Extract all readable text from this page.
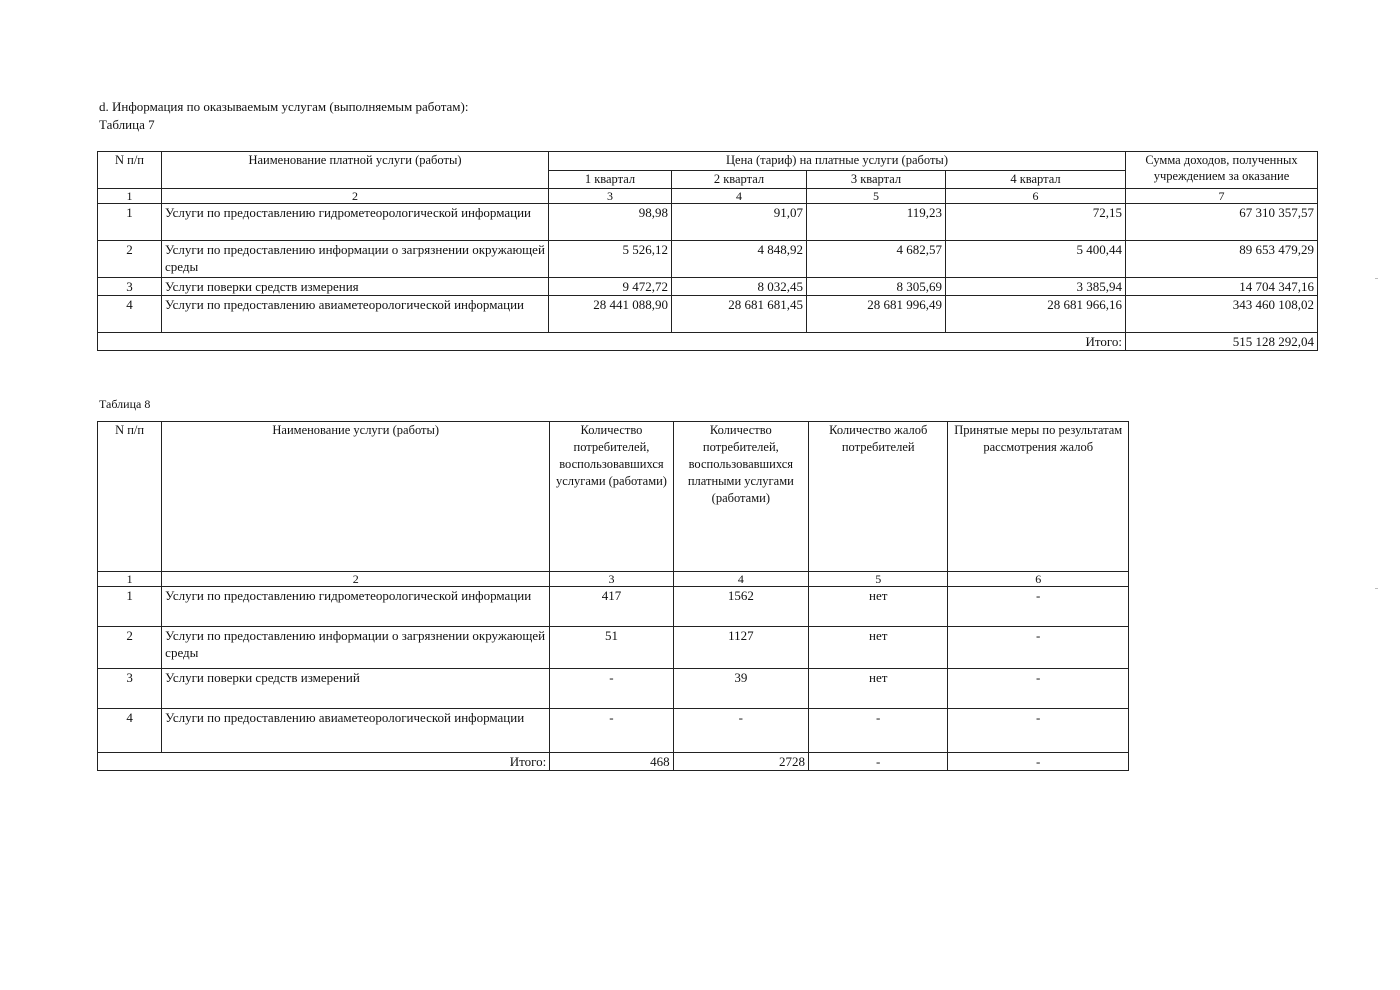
d. Информация по оказываемым услугам (выполняемым работам):
Таблица 7
N п/п	Наименование платной услуги (работы)	Цена (тариф) на платные услуги (работы)				Сумма доходов, полученных учреждением за оказание
		1 квартал	2 квартал	3 квартал	4 квартал	
1	2	3	4	5	6	7
1	Услуги по предоставлению гидрометеорологической информации	98,98	91,07	119,23	72,15	67 310 357,57
2	Услуги по предоставлению информации о загрязнении окружающей среды	5 526,12	4 848,92	4 682,57	5 400,44	89 653 479,29
3	Услуги поверки средств измерения	9 472,72	8 032,45	8 305,69	3 385,94	14 704 347,16
4	Услуги по предоставлению авиаметеорологической информации	28 441 088,90	28 681 681,45	28 681 996,49	28 681 966,16	343 460 108,02
Итого:						515 128 292,04
Таблица 8
N п/п	Наименование услуги (работы)	Количество потребителей, воспользовавшихся услугами (работами)	Количество потребителей, воспользовавшихся платными услугами (работами)	Количество жалоб потребителей	Принятые меры по результатам рассмотрения жалоб
1	2	3	4	5	6
1	Услуги по предоставлению гидрометеорологической информации	417	1562	нет	-
2	Услуги по предоставлению информации о загрязнении окружающей среды	51	1127	нет	-
3	Услуги поверки средств измерений	-	39	нет	-
4	Услуги по предоставлению авиаметеорологической информации	-	-	-	-
Итого:		468	2728	-	-
